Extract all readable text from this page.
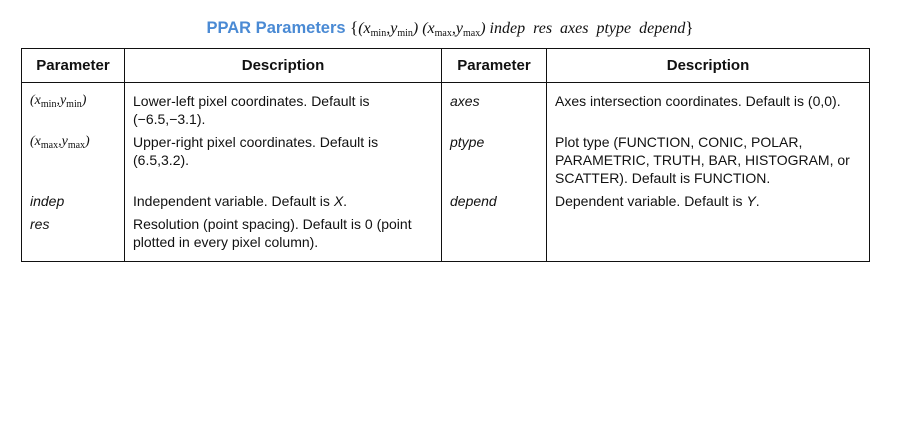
PPAR Parameters {$(x_{min},y_{min})$ $(x_{max},y_{max})$ indep  res  axes  ptype  depend}
Parameter	Description	Parameter	Description
$(x_{min},y_{min})$	Lower-left pixel coordinates. Default is (−6.5,−3.1).	axes	Axes intersection coordinates. Default is (0,0).
$(x_{max},y_{max})$	Upper-right pixel coordinates. Default is (6.5,3.2).	ptype	Plot type (FUNCTION, CONIC, POLAR, PARAMETRIC, TRUTH, BAR, HISTOGRAM, or SCATTER). Default is FUNCTION.
indep	Independent variable. Default is X.	depend	Dependent variable. Default is Y.
res	Resolution (point spacing). Default is 0 (point plotted in every pixel column).		
